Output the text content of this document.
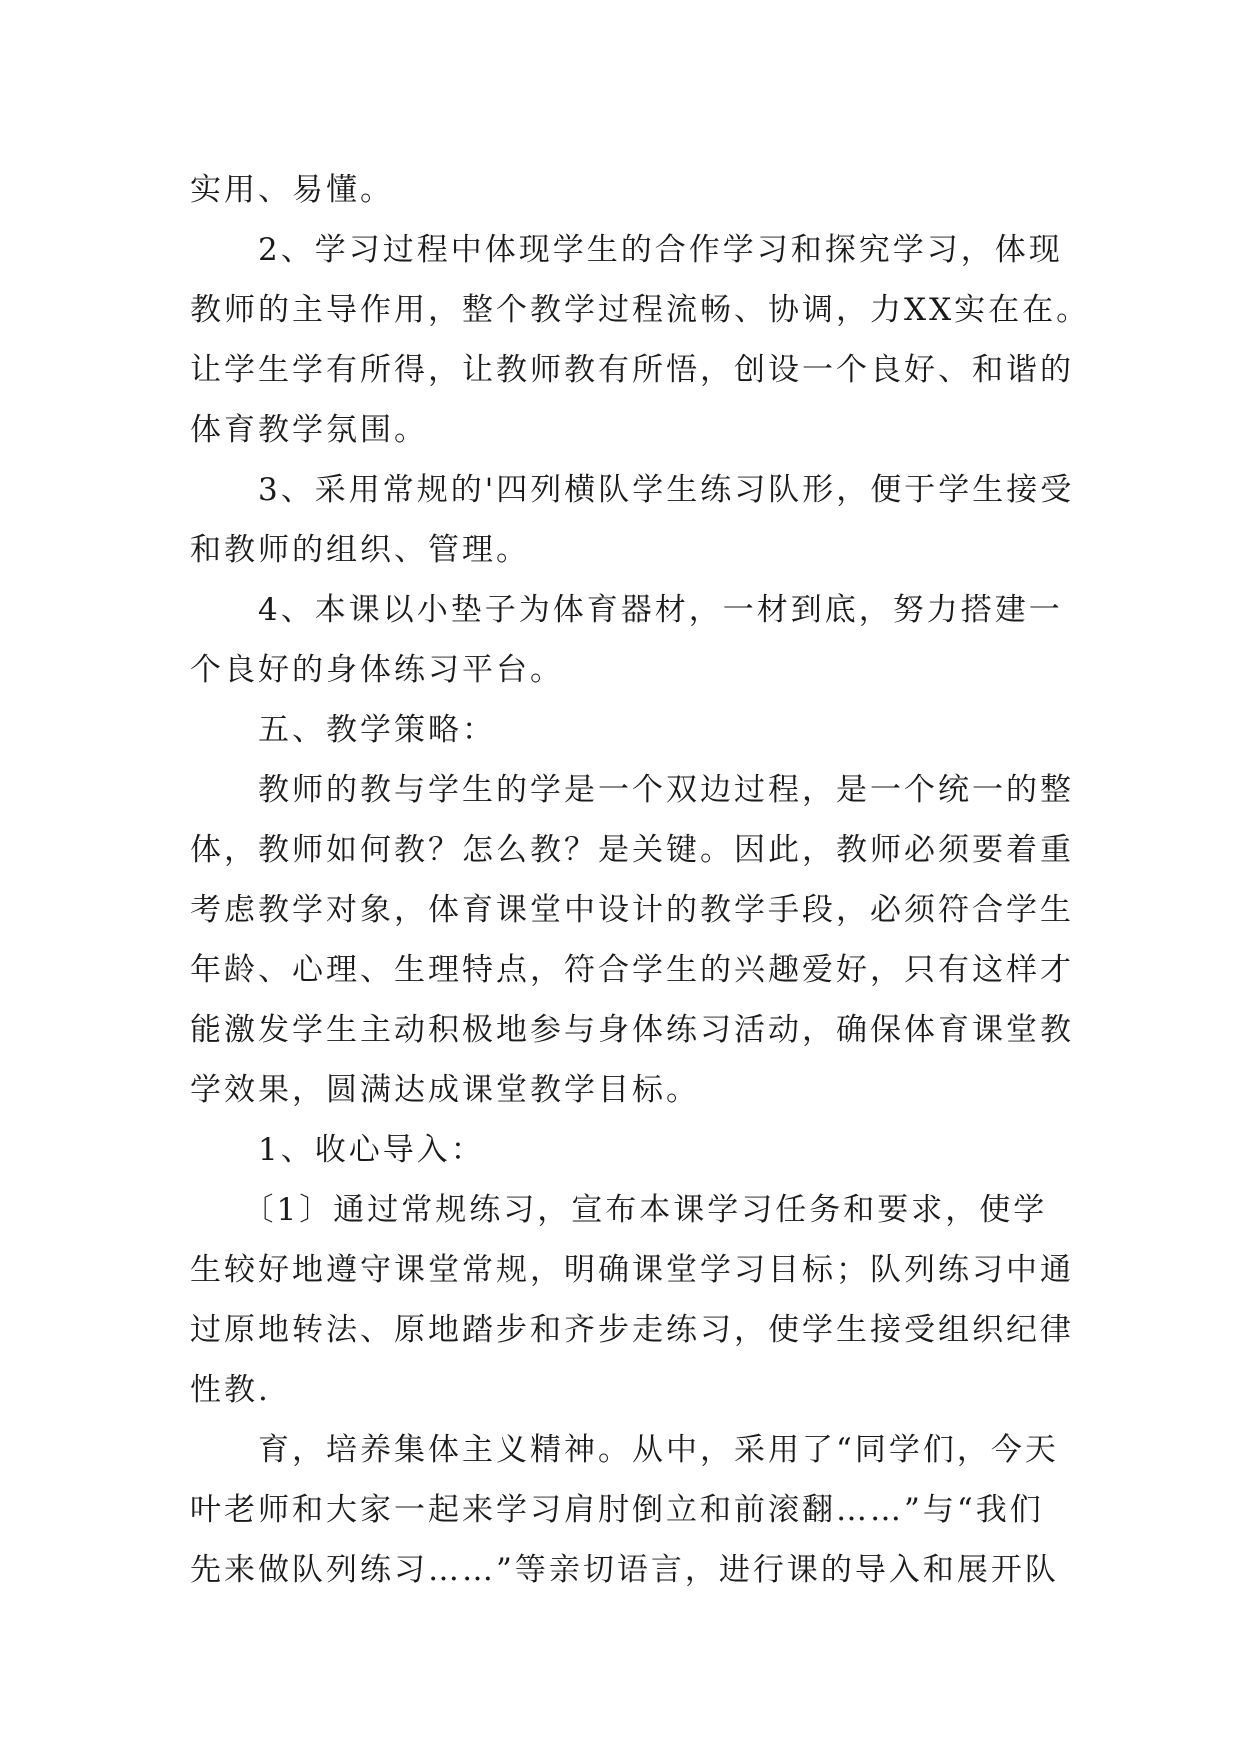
实用、易懂。
　　2、学习过程中体现学生的合作学习和探究学习，体现
教师的主导作用，整个教学过程流畅、协调，力XX实在在。
让学生学有所得，让教师教有所悟，创设一个良好、和谐的
体育教学氛围。
　　3、采用常规的'四列横队学生练习队形，便于学生接受
和教师的组织、管理。
　　4、本课以小垫子为体育器材，一材到底，努力搭建一
个良好的身体练习平台。
　　五、教学策略：
　　教师的教与学生的学是一个双边过程，是一个统一的整
体，教师如何教？怎么教？是关键。因此，教师必须要着重
考虑教学对象，体育课堂中设计的教学手段，必须符合学生
年龄、心理、生理特点，符合学生的兴趣爱好，只有这样才
能激发学生主动积极地参与身体练习活动，确保体育课堂教
学效果，圆满达成课堂教学目标。
　　1、收心导入：
　　〔1〕通过常规练习，宣布本课学习任务和要求，使学
生较好地遵守课堂常规，明确课堂学习目标；队列练习中通
过原地转法、原地踏步和齐步走练习，使学生接受组织纪律
性教.
　　育，培养集体主义精神。从中，采用了“同学们，今天
叶老师和大家一起来学习肩肘倒立和前滚翻……”与“我们
先来做队列练习……”等亲切语言，进行课的导入和展开队
